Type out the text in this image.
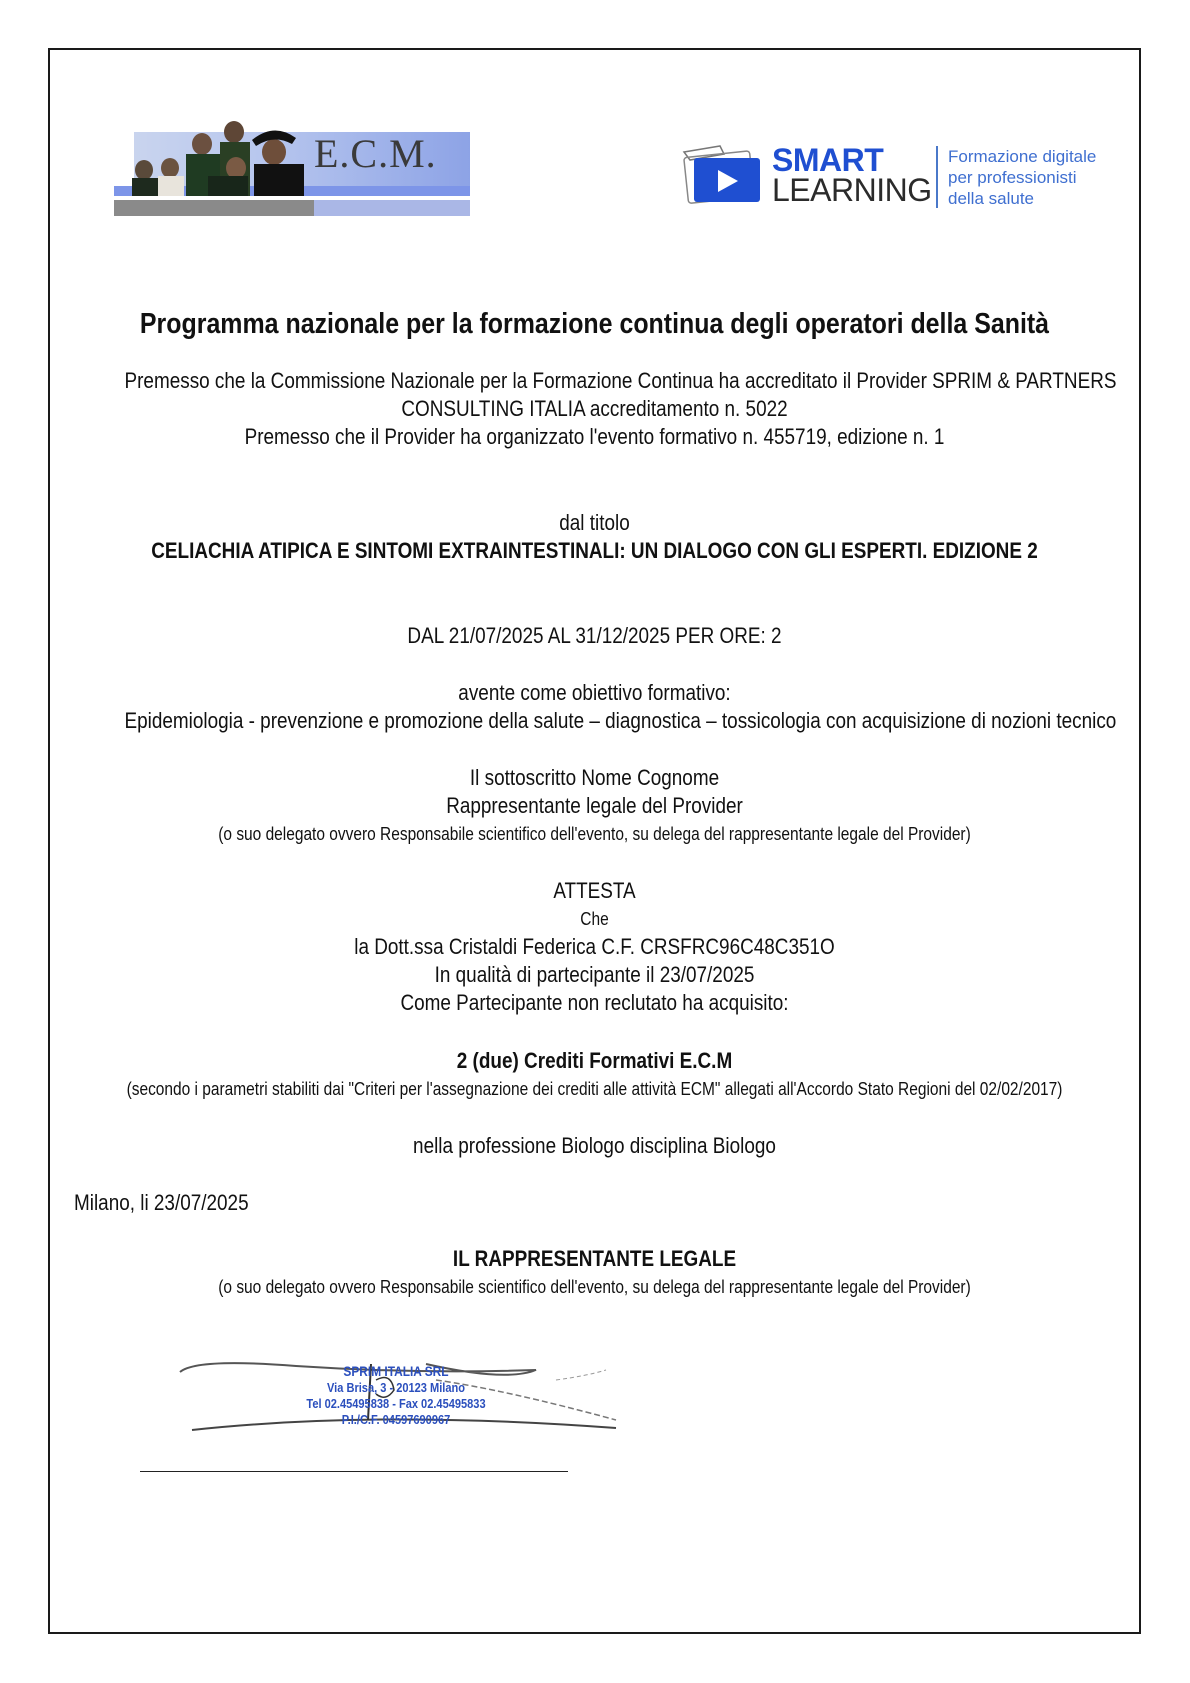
E.C.M.	SMART
LEARNING
Formazione digitale
per professionisti
della salute
Programma nazionale per la formazione continua degli operatori della Sanità
Premesso che la Commissione Nazionale per la Formazione Continua ha accreditato il Provider SPRIM & PARTNERS
CONSULTING ITALIA accreditamento n. 5022
Premesso che il Provider ha organizzato l'evento formativo n. 455719, edizione n. 1
dal titolo
CELIACHIA ATIPICA E SINTOMI EXTRAINTESTINALI: UN DIALOGO CON GLI ESPERTI. EDIZIONE 2
DAL 21/07/2025 AL 31/12/2025 PER ORE: 2
avente come obiettivo formativo:
Epidemiologia - prevenzione e promozione della salute – diagnostica – tossicologia con acquisizione di nozioni tecnico
Il sottoscritto Nome Cognome
Rappresentante legale del Provider
(o suo delegato ovvero Responsabile scientifico dell'evento, su delega del rappresentante legale del Provider)
ATTESTA
Che
la Dott.ssa Cristaldi Federica C.F. CRSFRC96C48C351O
In qualità di partecipante il 23/07/2025
Come Partecipante non reclutato ha acquisito:
2 (due) Crediti Formativi E.C.M
(secondo i parametri stabiliti dai "Criteri per l'assegnazione dei crediti alle attività ECM" allegati all'Accordo Stato Regioni del 02/02/2017)
nella professione Biologo disciplina Biologo
Milano, li 23/07/2025
IL RAPPRESENTANTE LEGALE
(o suo delegato ovvero Responsabile scientifico dell'evento, su delega del rappresentante legale del Provider)
SPRIM ITALIA SRL
Via Brisa, 3 - 20123 Milano
Tel 02.45495838 - Fax 02.45495833
P.I./C.F. 04597690967
